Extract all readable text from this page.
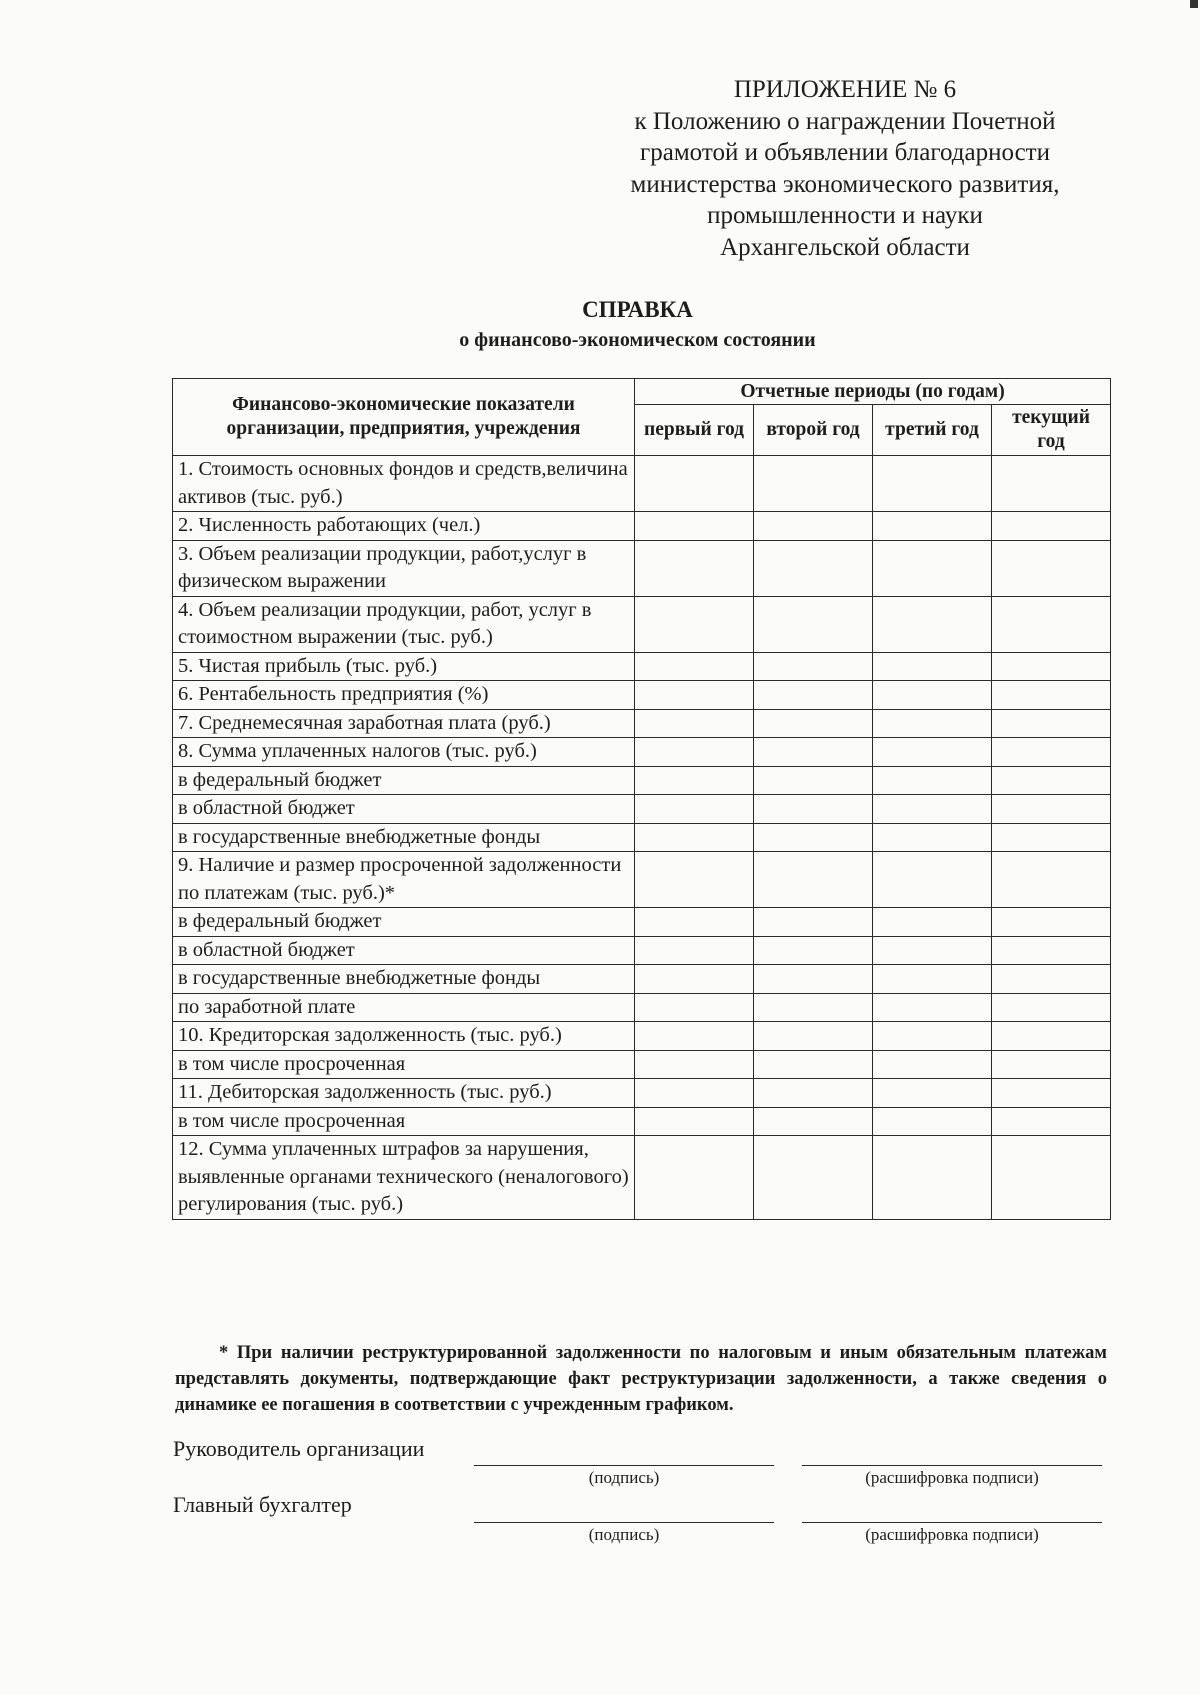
ПРИЛОЖЕНИЕ № 6
к Положению о награждении Почетной
грамотой и объявлении благодарности
министерства экономического развития,
промышленности и науки
Архангельской области
СПРАВКА
о финансово-экономическом состоянии
Финансово-экономические показатели организации, предприятия, учреждения	Отчетные периоды (по годам)			
	первый год	второй год	третий год	текущий год
1. Стоимость основных фондов и средств,величина активов (тыс. руб.)				
2. Численность работающих (чел.)				
3. Объем реализации продукции, работ,услуг в физическом выражении				
4. Объем реализации продукции, работ, услуг в стоимостном выражении (тыс. руб.)				
5. Чистая прибыль (тыс. руб.)				
6. Рентабельность предприятия (%)				
7. Среднемесячная заработная плата (руб.)				
8. Сумма уплаченных налогов (тыс. руб.)				
в федеральный бюджет				
в областной бюджет				
в государственные внебюджетные фонды				
9. Наличие и размер просроченной задолженности по платежам (тыс. руб.)*				
в федеральный бюджет				
в областной бюджет				
в государственные внебюджетные фонды				
по заработной плате				
10. Кредиторская задолженность (тыс. руб.)				
в том числе просроченная				
11. Дебиторская задолженность (тыс. руб.)				
в том числе просроченная				
12. Сумма уплаченных штрафов за нарушения, выявленные органами технического (неналогового) регулирования (тыс. руб.)				
* При наличии реструктурированной задолженности по налоговым и иным обязательным платежам представлять документы, подтверждающие факт реструктуризации задолженности, а также сведения о динамике ее погашения в соответствии с учрежденным графиком.
Руководитель организации
(подпись)	(расшифровка подписи)
Главный бухгалтер
(подпись)	(расшифровка подписи)
